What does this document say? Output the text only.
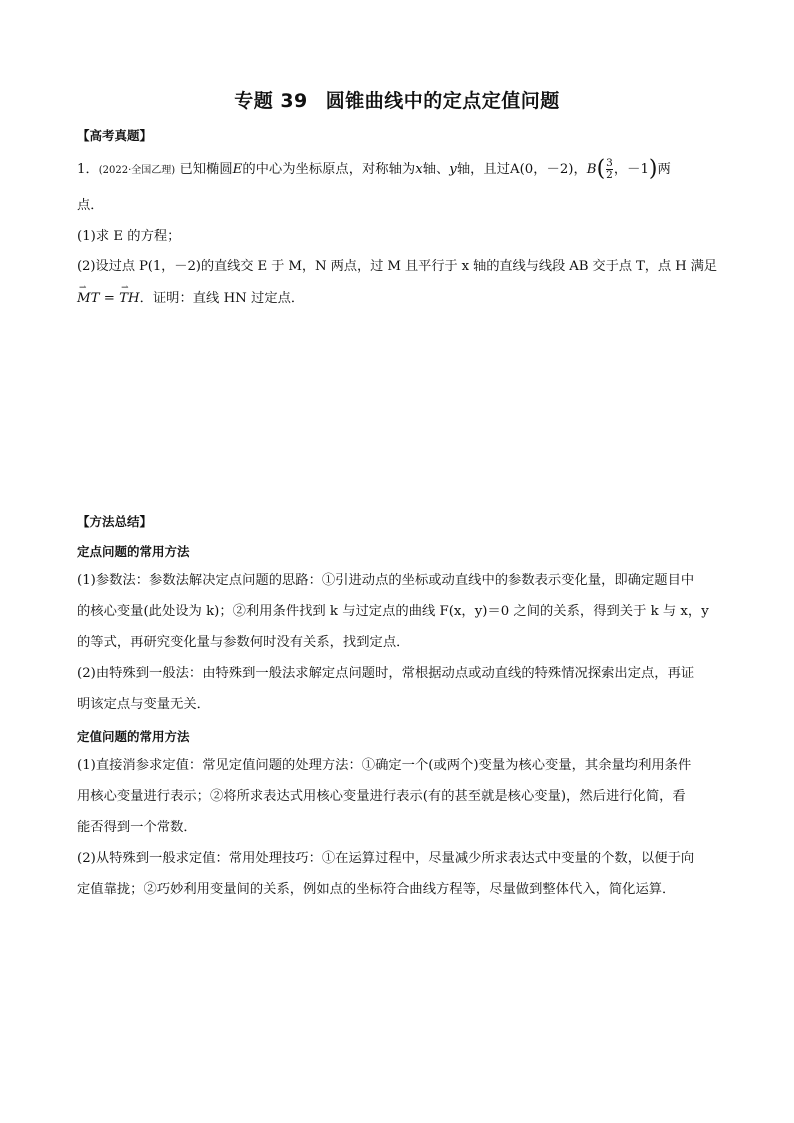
专题 39 圆锥曲线中的定点定值问题
【高考真题】
1．(2022·全国乙理) 已知椭圆E的中心为坐标原点，对称轴为x轴、y轴，且过A(0，－2)，$B( \frac{3}{2}$ ，－1)两
点．
(1)求 E 的方程；
(2)设过点 P(1，－2)的直线交 E 于 M，N 两点，过 M 且平行于 x 轴的直线与线段 AB 交于点 T，点 H 满足
⇀ MT = ⇀ TH．证明：直线 HN 过定点．
【方法总结】
定点问题的常用方法
(1)参数法：参数法解决定点问题的思路：①引进动点的坐标或动直线中的参数表示变化量，即确定题目中
的核心变量(此处设为 k)；②利用条件找到 k 与过定点的曲线 F(x，y)＝0 之间的关系，得到关于 k 与 x，y
的等式，再研究变化量与参数何时没有关系，找到定点．
(2)由特殊到一般法：由特殊到一般法求解定点问题时，常根据动点或动直线的特殊情况探索出定点，再证
明该定点与变量无关．
定值问题的常用方法
(1)直接消参求定值：常见定值问题的处理方法：①确定一个(或两个)变量为核心变量，其余量均利用条件
用核心变量进行表示；②将所求表达式用核心变量进行表示(有的甚至就是核心变量)，然后进行化简，看
能否得到一个常数．
(2)从特殊到一般求定值：常用处理技巧：①在运算过程中，尽量减少所求表达式中变量的个数，以便于向
定值靠拢；②巧妙利用变量间的关系，例如点的坐标符合曲线方程等，尽量做到整体代入，简化运算．
